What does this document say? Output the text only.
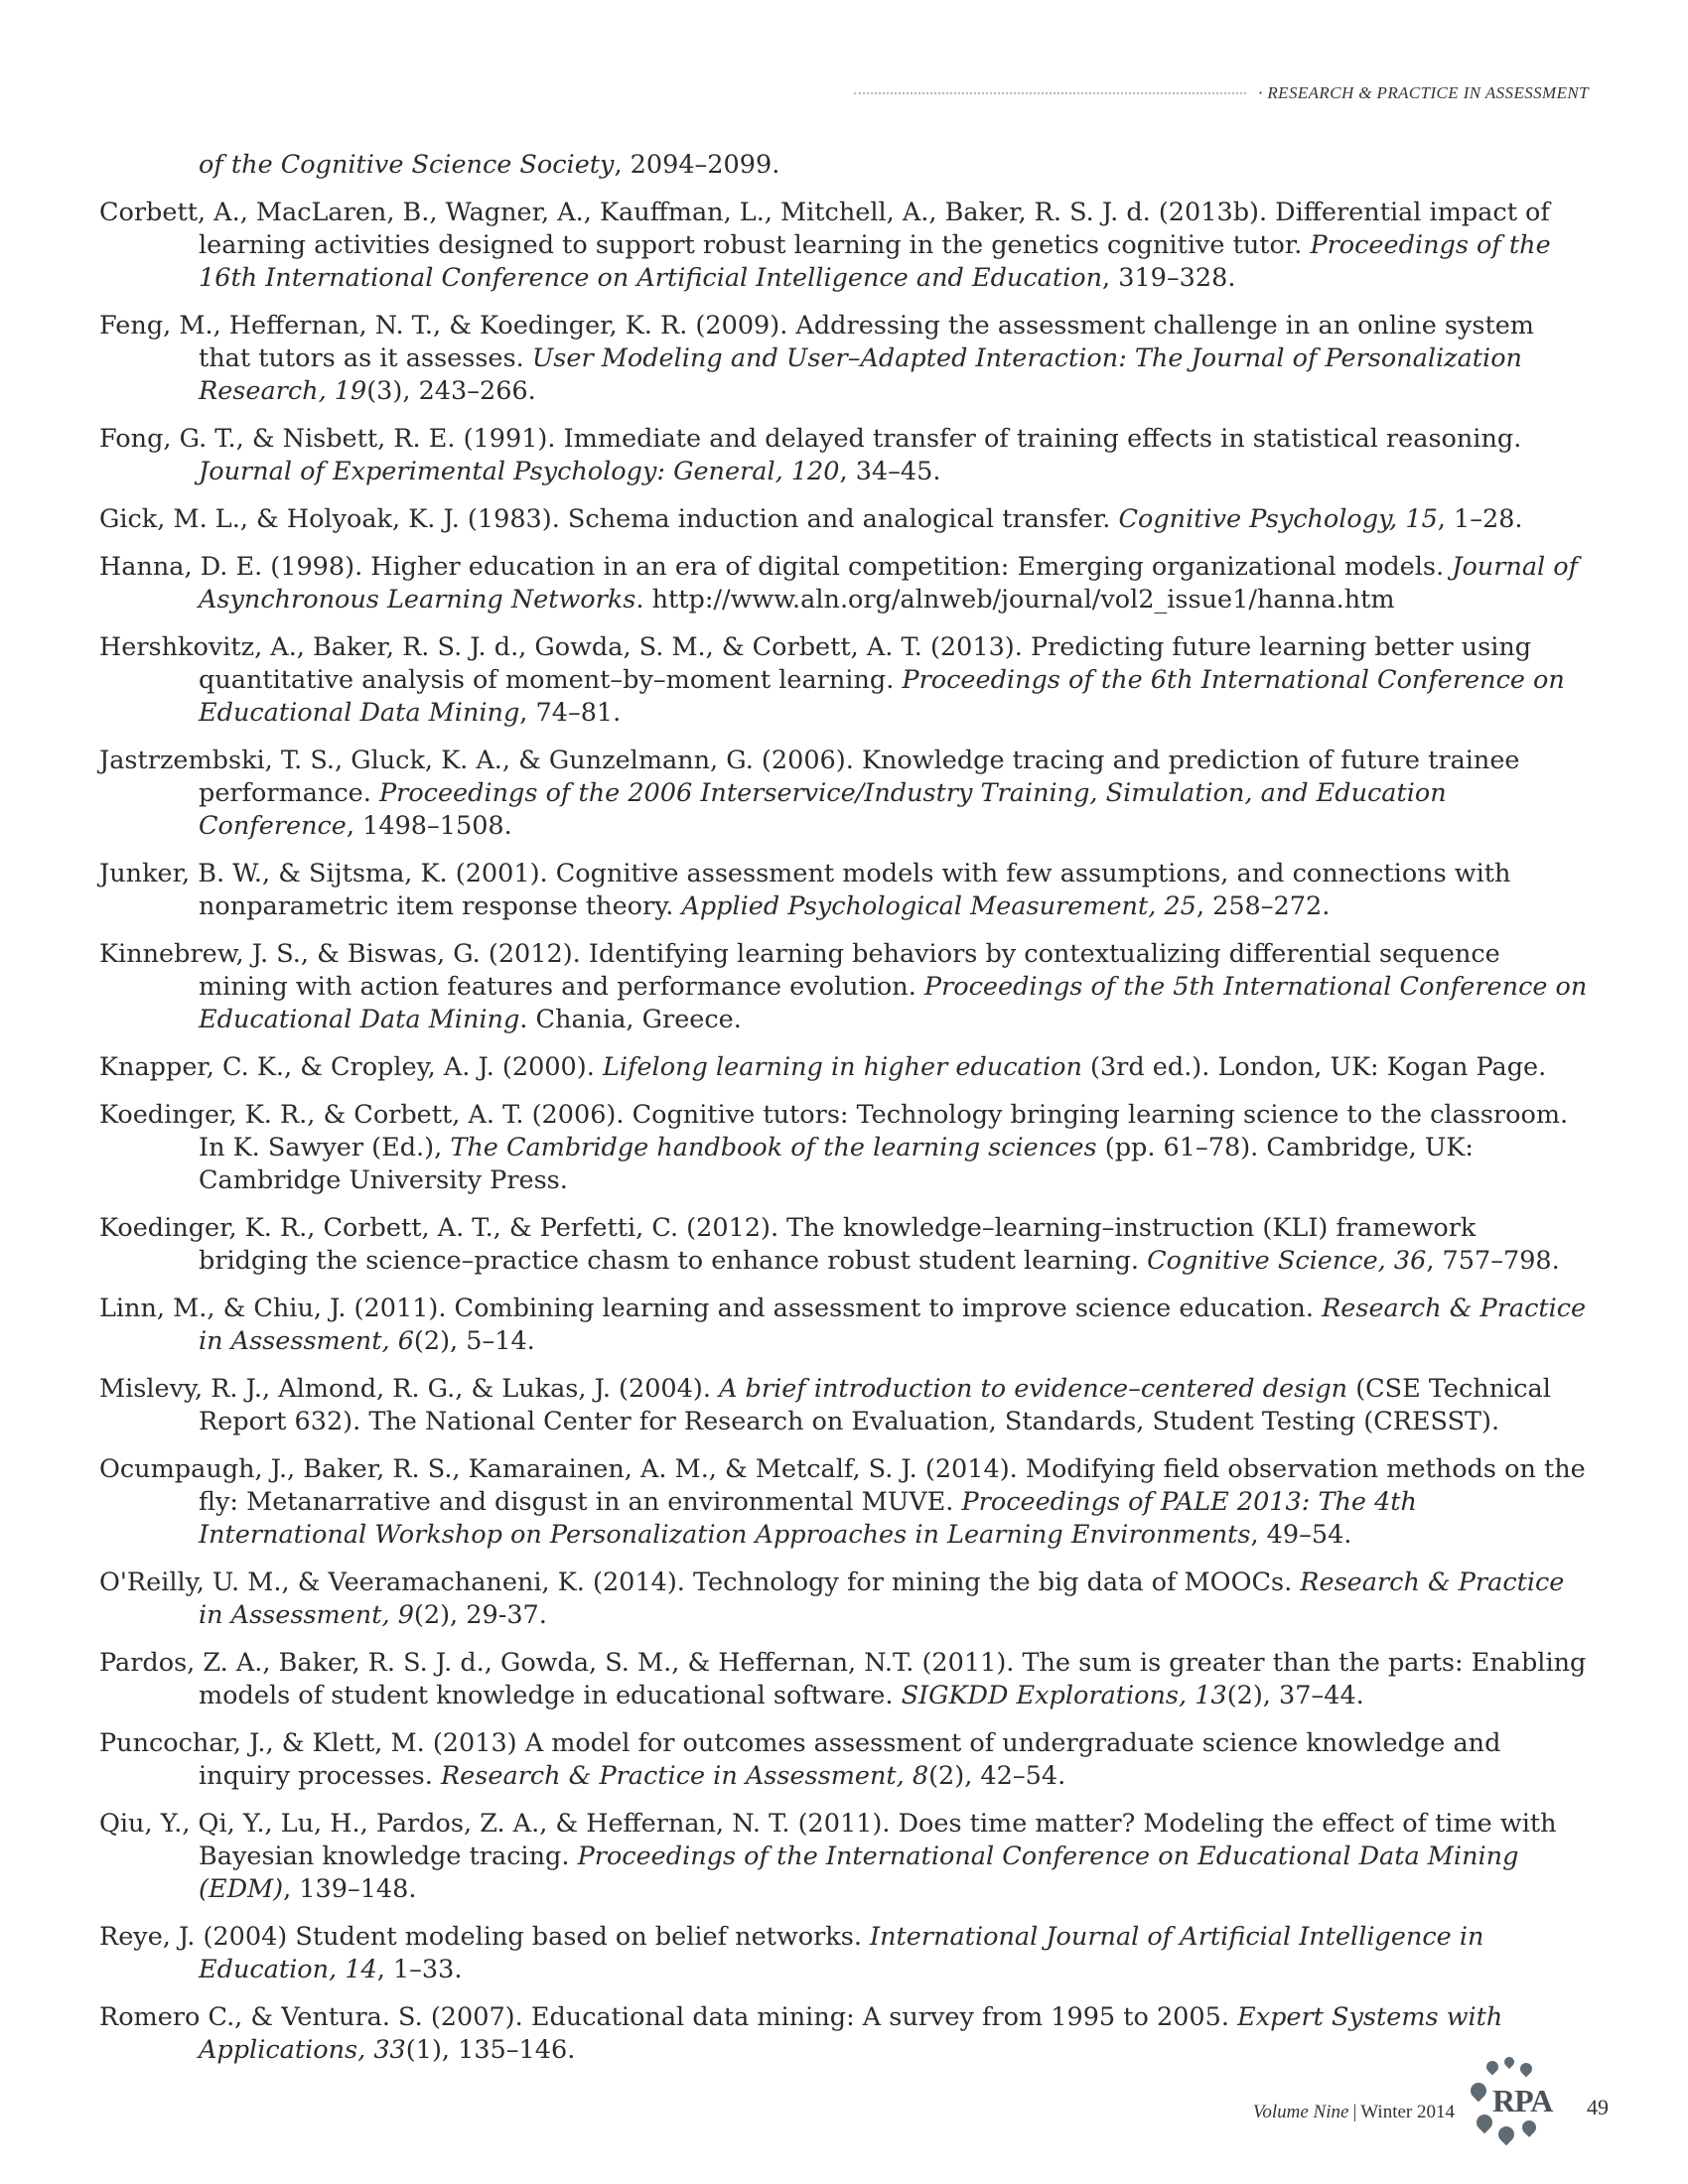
· RESEARCH & PRACTICE IN ASSESSMENT

of the Cognitive Science Society, 2094–2099.

Corbett, A., MacLaren, B., Wagner, A., Kauffman, L., Mitchell, A., Baker, R. S. J. d. (2013b). Differential impact of learning activities designed to support robust learning in the genetics cognitive tutor. Proceedings of the 16th International Conference on Artificial Intelligence and Education, 319–328.

Feng, M., Heffernan, N. T., & Koedinger, K. R. (2009). Addressing the assessment challenge in an online system that tutors as it assesses. User Modeling and User–Adapted Interaction: The Journal of Personalization Research, 19(3), 243–266.

Fong, G. T., & Nisbett, R. E. (1991). Immediate and delayed transfer of training effects in statistical reasoning. Journal of Experimental Psychology: General, 120, 34–45.

Gick, M. L., & Holyoak, K. J. (1983). Schema induction and analogical transfer. Cognitive Psychology, 15, 1–28.

Hanna, D. E. (1998). Higher education in an era of digital competition: Emerging organizational models. Journal of Asynchronous Learning Networks. http://www.aln.org/alnweb/journal/vol2_issue1/hanna.htm

Hershkovitz, A., Baker, R. S. J. d., Gowda, S. M., & Corbett, A. T. (2013). Predicting future learning better using quantitative analysis of moment–by–moment learning. Proceedings of the 6th International Conference on Educational Data Mining, 74–81.

Jastrzembski, T. S., Gluck, K. A., & Gunzelmann, G. (2006). Knowledge tracing and prediction of future trainee performance. Proceedings of the 2006 Interservice/Industry Training, Simulation, and Education Conference, 1498–1508.

Junker, B. W., & Sijtsma, K. (2001). Cognitive assessment models with few assumptions, and connections with nonparametric item response theory. Applied Psychological Measurement, 25, 258–272.

Kinnebrew, J. S., & Biswas, G. (2012). Identifying learning behaviors by contextualizing differential sequence mining with action features and performance evolution. Proceedings of the 5th International Conference on Educational Data Mining. Chania, Greece.

Knapper, C. K., & Cropley, A. J. (2000). Lifelong learning in higher education (3rd ed.). London, UK: Kogan Page.

Koedinger, K. R., & Corbett, A. T. (2006). Cognitive tutors: Technology bringing learning science to the classroom. In K. Sawyer (Ed.), The Cambridge handbook of the learning sciences (pp. 61–78). Cambridge, UK: Cambridge University Press.

Koedinger, K. R., Corbett, A. T., & Perfetti, C. (2012). The knowledge–learning–instruction (KLI) framework bridging the science–practice chasm to enhance robust student learning. Cognitive Science, 36, 757–798.

Linn, M., & Chiu, J. (2011). Combining learning and assessment to improve science education. Research & Practice in Assessment, 6(2), 5–14.

Mislevy, R. J., Almond, R. G., & Lukas, J. (2004). A brief introduction to evidence–centered design (CSE Technical Report 632). The National Center for Research on Evaluation, Standards, Student Testing (CRESST).

Ocumpaugh, J., Baker, R. S., Kamarainen, A. M., & Metcalf, S. J. (2014). Modifying field observation methods on the fly: Metanarrative and disgust in an environmental MUVE. Proceedings of PALE 2013: The 4th International Workshop on Personalization Approaches in Learning Environments, 49–54.

O'Reilly, U. M., & Veeramachaneni, K. (2014). Technology for mining the big data of MOOCs. Research & Practice in Assessment, 9(2), 29-37.

Pardos, Z. A., Baker, R. S. J. d., Gowda, S. M., & Heffernan, N.T. (2011). The sum is greater than the parts: Enabling models of student knowledge in educational software. SIGKDD Explorations, 13(2), 37–44.

Puncochar, J., & Klett, M. (2013) A model for outcomes assessment of undergraduate science knowledge and inquiry processes. Research & Practice in Assessment, 8(2), 42–54.

Qiu, Y., Qi, Y., Lu, H., Pardos, Z. A., & Heffernan, N. T. (2011). Does time matter? Modeling the effect of time with Bayesian knowledge tracing. Proceedings of the International Conference on Educational Data Mining (EDM), 139–148.

Reye, J. (2004) Student modeling based on belief networks. International Journal of Artificial Intelligence in Education, 14, 1–33.

Romero C., & Ventura. S. (2007). Educational data mining: A survey from 1995 to 2005. Expert Systems with Applications, 33(1), 135–146.

Volume Nine | Winter 2014 RPA 49
